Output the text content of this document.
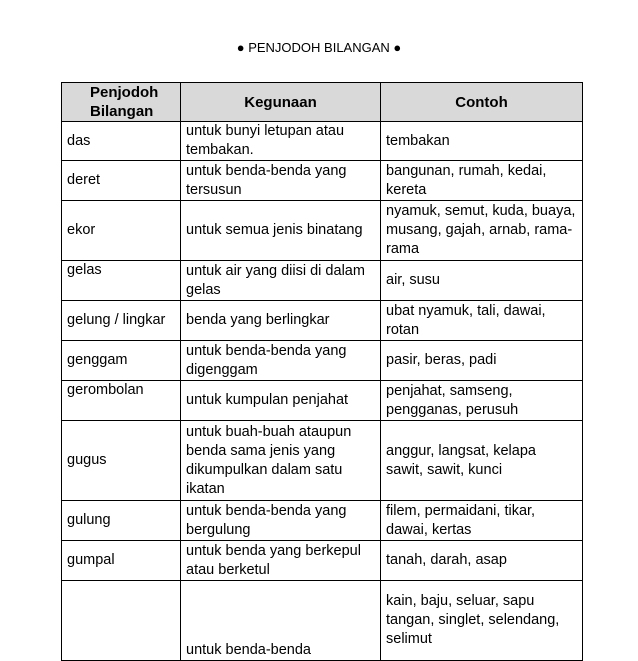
● PENJODOH BILANGAN ●
Penjodoh Bilangan	Kegunaan	Contoh
das	untuk bunyi letupan atau tembakan.	tembakan
deret	untuk benda-benda yang tersusun	bangunan, rumah, kedai, kereta
ekor	untuk semua jenis binatang	nyamuk, semut, kuda, buaya, musang, gajah, arnab, rama-rama
gelas	untuk air yang diisi di dalam gelas	air, susu
gelung / lingkar	benda yang berlingkar	ubat nyamuk, tali, dawai, rotan
genggam	untuk benda-benda yang digenggam	pasir, beras, padi
gerombolan	untuk kumpulan penjahat	penjahat, samseng, pengganas, perusuh
gugus	untuk buah-buah ataupun benda sama jenis yang dikumpulkan dalam satu ikatan	anggur, langsat, kelapa sawit, sawit, kunci
gulung	untuk benda-benda yang bergulung	filem, permaidani, tikar, dawai, kertas
gumpal	untuk benda yang berkepul atau berketul	tanah, darah, asap
	untuk benda-benda	kain, baju, seluar, sapu tangan, singlet, selendang, selimut
